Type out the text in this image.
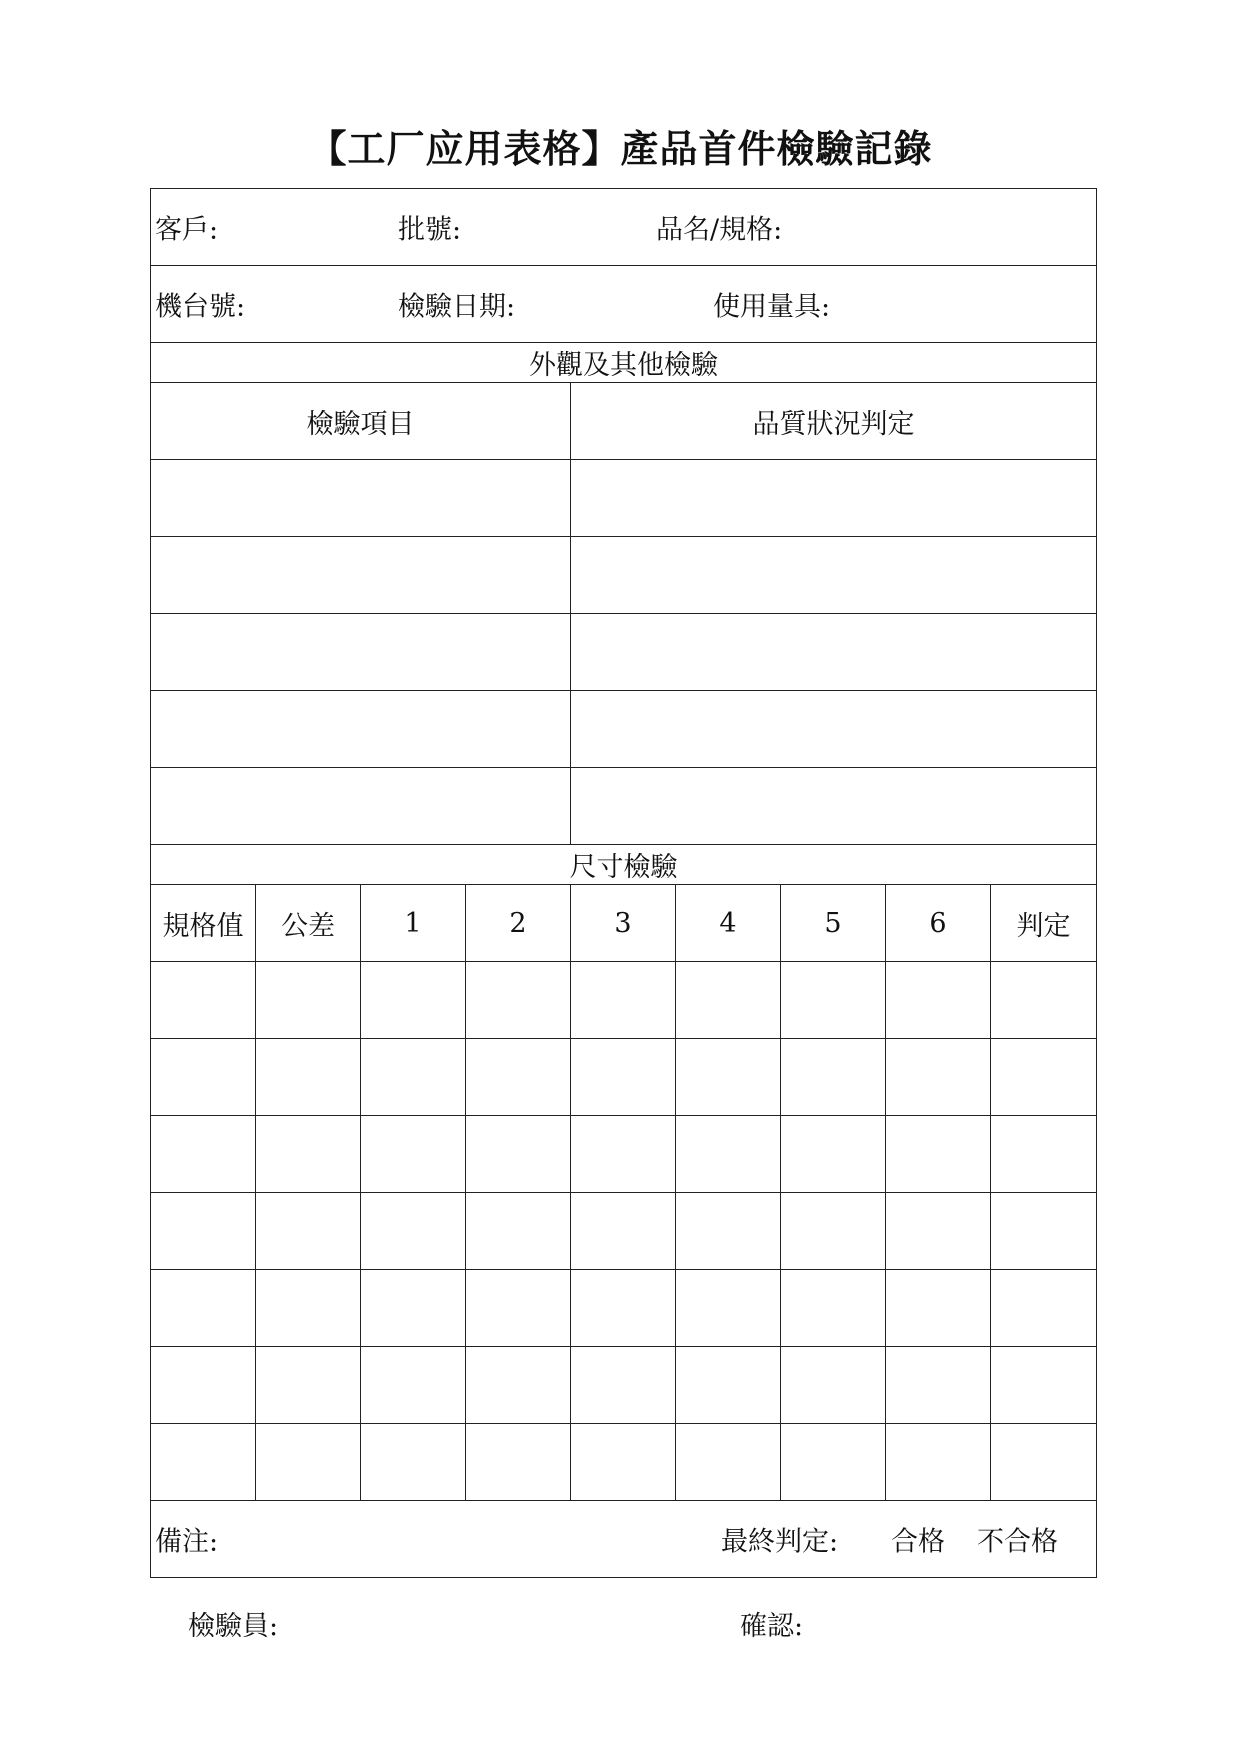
【工厂应用表格】產品首件檢驗記錄
客戶: 批號: 品名/規格:								

機台號: 檢驗日期: 使用量具:								

外觀及其他檢驗								
檢驗項目				品質狀況判定				

尺寸檢驗								
規格值	公差	1	2	3	4	5	6	判定

備注: 最終判定: 合格 不合格								
檢驗員:	確認:
